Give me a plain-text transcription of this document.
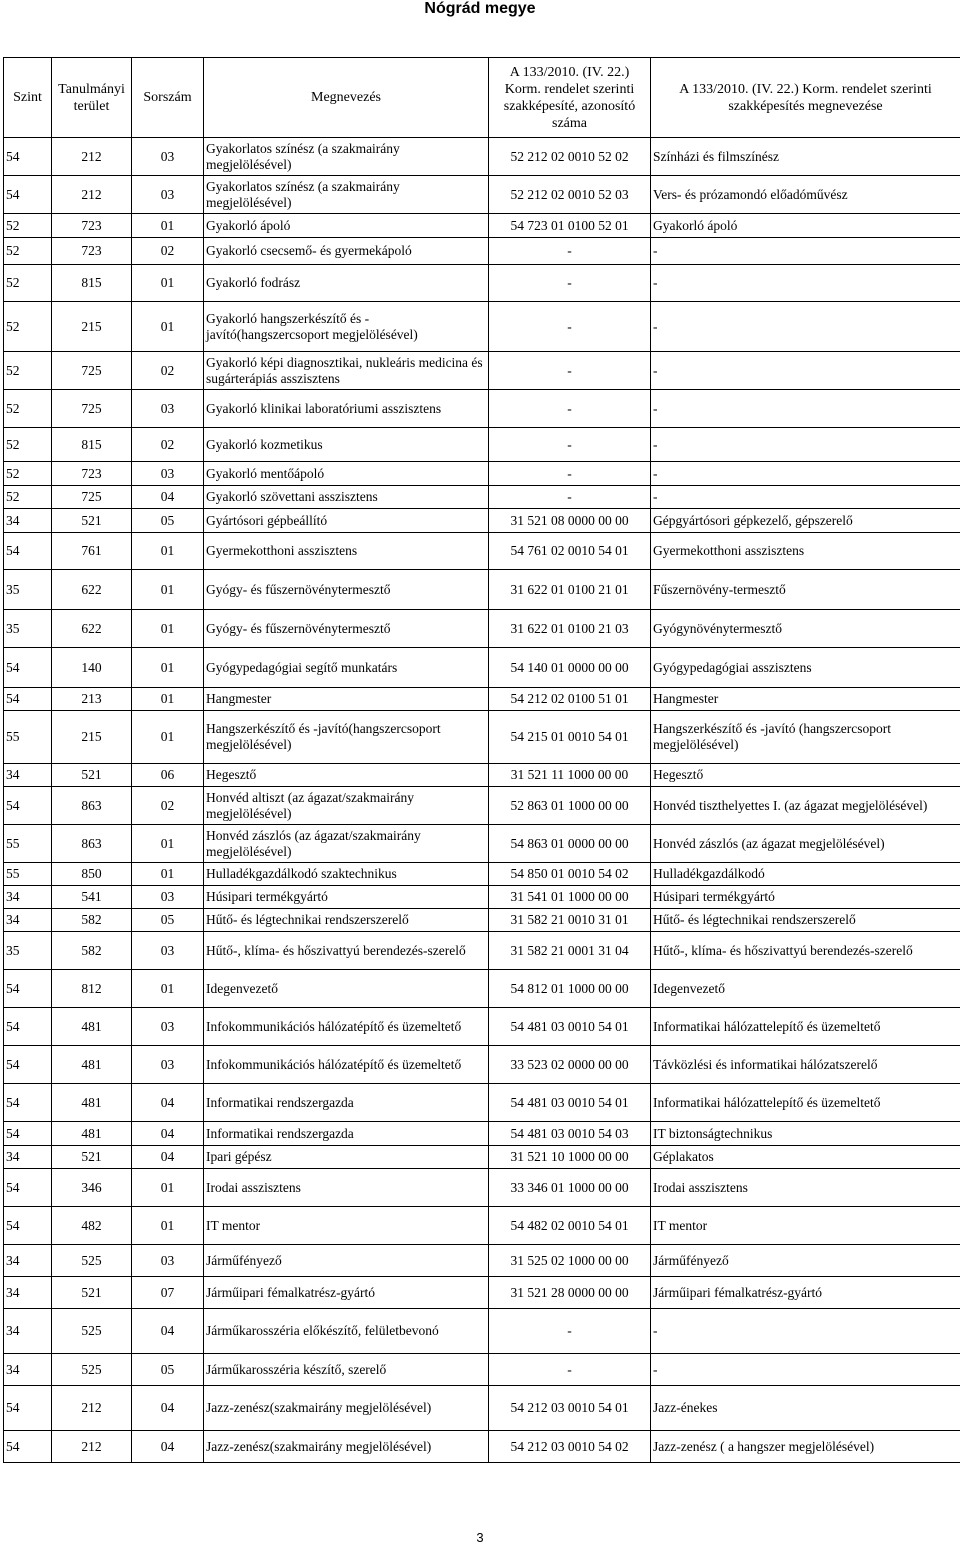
Nógrád megye
Szint	Tanulmányi terület	Sorszám	Megnevezés	A 133/2010. (IV. 22.) Korm. rendelet szerinti szakképesíté, azonosító száma	A 133/2010. (IV. 22.) Korm. rendelet szerinti szakképesítés megnevezése
54	212	03	Gyakorlatos színész (a szakmairány megjelölésével)	52 212 02 0010 52 02	Színházi és filmszínész
54	212	03	Gyakorlatos színész (a szakmairány megjelölésével)	52 212 02 0010 52 03	Vers- és prózamondó előadóművész
52	723	01	Gyakorló ápoló	54 723 01 0100 52 01	Gyakorló ápoló
52	723	02	Gyakorló csecsemő- és gyermekápoló	-	-
52	815	01	Gyakorló fodrász	-	-
52	215	01	Gyakorló hangszerkészítő és -javító(hangszercsoport megjelölésével)	-	-
52	725	02	Gyakorló képi diagnosztikai, nukleáris medicina és sugárterápiás asszisztens	-	-
52	725	03	Gyakorló klinikai laboratóriumi asszisztens	-	-
52	815	02	Gyakorló kozmetikus	-	-
52	723	03	Gyakorló mentőápoló	-	-
52	725	04	Gyakorló szövettani asszisztens	-	-
34	521	05	Gyártósori gépbeállító	31 521 08 0000 00 00	Gépgyártósori gépkezelő, gépszerelő
54	761	01	Gyermekotthoni asszisztens	54 761 02 0010 54 01	Gyermekotthoni asszisztens
35	622	01	Gyógy- és fűszernövénytermesztő	31 622 01 0100 21 01	Fűszernövény-termesztő
35	622	01	Gyógy- és fűszernövénytermesztő	31 622 01 0100 21 03	Gyógynövénytermesztő
54	140	01	Gyógypedagógiai segítő munkatárs	54 140 01 0000 00 00	Gyógypedagógiai asszisztens
54	213	01	Hangmester	54 212 02 0100 51 01	Hangmester
55	215	01	Hangszerkészítő és -javító(hangszercsoport megjelölésével)	54 215 01 0010 54 01	Hangszerkészítő és -javító (hangszercsoport megjelölésével)
34	521	06	Hegesztő	31 521 11 1000 00 00	Hegesztő
54	863	02	Honvéd altiszt (az ágazat/szakmairány megjelölésével)	52 863 01 1000 00 00	Honvéd tiszthelyettes I. (az ágazat megjelölésével)
55	863	01	Honvéd zászlós (az ágazat/szakmairány megjelölésével)	54 863 01 0000 00 00	Honvéd zászlós (az ágazat megjelölésével)
55	850	01	Hulladékgazdálkodó szaktechnikus	54 850 01 0010 54 02	Hulladékgazdálkodó
34	541	03	Húsipari termékgyártó	31 541 01 1000 00 00	Húsipari termékgyártó
34	582	05	Hűtő- és légtechnikai rendszerszerelő	31 582 21 0010 31 01	Hűtő- és légtechnikai rendszerszerelő
35	582	03	Hűtő-, klíma- és hőszivattyú berendezés-szerelő	31 582 21 0001 31 04	Hűtő-, klíma- és hőszivattyú berendezés-szerelő
54	812	01	Idegenvezető	54 812 01 1000 00 00	Idegenvezető
54	481	03	Infokommunikációs hálózatépítő és üzemeltető	54 481 03 0010 54 01	Informatikai hálózattelepítő és üzemeltető
54	481	03	Infokommunikációs hálózatépítő és üzemeltető	33 523 02 0000 00 00	Távközlési és informatikai hálózatszerelő
54	481	04	Informatikai rendszergazda	54 481 03 0010 54 01	Informatikai hálózattelepítő és üzemeltető
54	481	04	Informatikai rendszergazda	54 481 03 0010 54 03	IT biztonságtechnikus
34	521	04	Ipari gépész	31 521 10 1000 00 00	Géplakatos
54	346	01	Irodai asszisztens	33 346 01 1000 00 00	Irodai asszisztens
54	482	01	IT mentor	54 482 02 0010 54 01	IT mentor
34	525	03	Járműfényező	31 525 02 1000 00 00	Járműfényező
34	521	07	Járműipari fémalkatrész-gyártó	31 521 28 0000 00 00	Járműipari fémalkatrész-gyártó
34	525	04	Járműkarosszéria előkészítő, felületbevonó	-	-
34	525	05	Járműkarosszéria készítő, szerelő	-	-
54	212	04	Jazz-zenész(szakmairány megjelölésével)	54 212 03 0010 54 01	Jazz-énekes
54	212	04	Jazz-zenész(szakmairány megjelölésével)	54 212 03 0010 54 02	Jazz-zenész ( a hangszer megjelölésével)
3
